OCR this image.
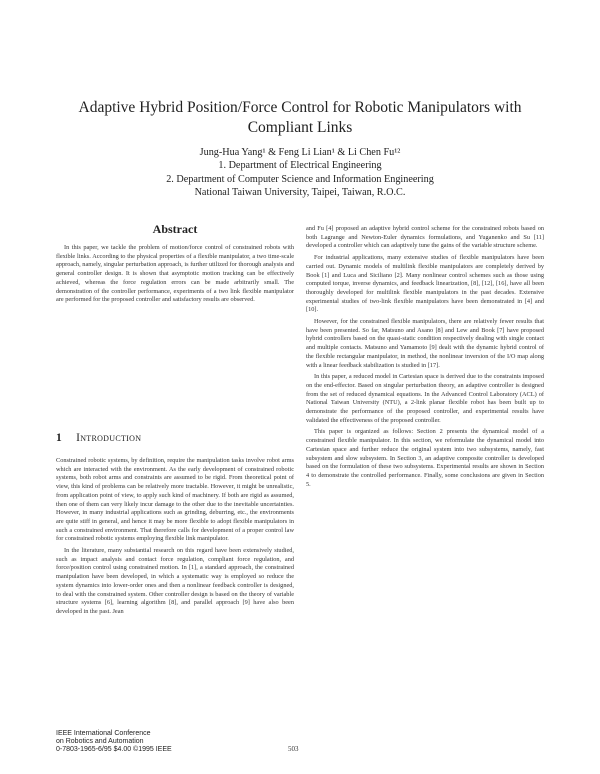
Adaptive Hybrid Position/Force Control for Robotic Manipulators with
Compliant Links
Jung-Hua Yang¹ & Feng Li Lian¹ & Li Chen Fu¹²
1. Department of Electrical Engineering
2. Department of Computer Science and Information Engineering
National Taiwan University, Taipei, Taiwan, R.O.C.
Abstract

In this paper, we tackle the problem of motion/force control of constrained robots with flexible links. According to the physical properties of a flexible manipulator, a two time-scale approach, namely, singular perturbation approach, is further utilized for thorough analysis and general controller design. It is shown that asymptotic motion tracking can be effectively achieved, whereas the force regulation errors can be made arbitrarily small. The demonstration of the controller performance, experiments of a two link flexible manipulator are performed for the proposed controller and satisfactory results are observed.

1 Introduction

Constrained robotic systems, by definition, require the manipulation tasks involve robot arms which are interacted with the environment. As the early development of constrained robotic systems, both robot arms and constraints are assumed to be rigid. From theoretical point of view, this kind of problems can be relatively more tractable. However, it might be unrealistic, from application point of view, to apply such kind of machinery. If both are rigid as assumed, then one of them can very likely incur damage to the other due to the inevitable uncertainties. However, in many industrial applications such as grinding, deburring, etc., the environments are quite stiff in general, and hence it may be more flexible to adopt flexible manipulators in such a constrained environment. That therefore calls for development of a proper control law for constrained robotic systems employing flexible link manipulator.

In the literature, many substantial research on this regard have been extensively studied, such as impact analysis and contact force regulation, compliant force regulation, and force/position control using constrained motion. In [1], a standard approach, the constrained manipulation have been developed, in which a systematic way is employed so reduce the system dynamics into lower-order ones and then a nonlinear feedback controller is designed, to deal with the constrained system. Other controller design is based on the theory of variable structure systems [6], learning algorithm [8], and parallel approach [9] have also been developed in the past. Jean

and Fu [4] proposed an adaptive hybrid control scheme for the constrained robots based on both Lagrange and Newton-Euler dynamics formulations, and Yuganenko and Su [11] developed a controller which can adaptively tune the gains of the variable structure scheme.

For industrial applications, many extensive studies of flexible manipulators have been carried out. Dynamic models of multilink flexible manipulators are completely derived by Book [1] and Luca and Siciliano [2]. Many nonlinear control schemes such as those using computed torque, inverse dynamics, and feedback linearization, [8], [12], [16], have all been thoroughly developed for multilink flexible manipulators in the past decades. Extensive experimental studies of two-link flexible manipulators have been demonstrated in [4] and [10].

However, for the constrained flexible manipulators, there are relatively fewer results that have been presented. So far, Matsuno and Asano [8] and Lew and Book [7] have proposed hybrid controllers based on the quasi-static condition respectively dealing with single contact and multiple contacts. Matsuno and Yamamoto [9] dealt with the dynamic hybrid control of the flexible rectangular manipulator, in method, the nonlinear inversion of the I/O map along with a linear feedback stabilization is studied in [17].

In this paper, a reduced model in Cartesian space is derived due to the constraints imposed on the end-effector. Based on singular perturbation theory, an adaptive controller is designed from the set of reduced dynamical equations. In the Advanced Control Laboratory (ACL) of National Taiwan University (NTU), a 2-link planar flexible robot has been built up to demonstrate the performance of the proposed controller, and experimental results have validated the effectiveness of the proposed controller.

This paper is organized as follows: Section 2 presents the dynamical model of a constrained flexible manipulator. In this section, we reformulate the dynamical model into Cartesian space and further reduce the original system into two subsystems, namely, fast subsystem and slow subsystem. In Section 3, an adaptive composite controller is developed based on the formulation of these two subsystems. Experimental results are shown in Section 4 to demonstrate the controlled performance. Finally, some conclusions are given in Section 5.

IEEE International Conference
on Robotics and Automation
0-7803-1965-6/95 $4.00 ©1995 IEEE	503
